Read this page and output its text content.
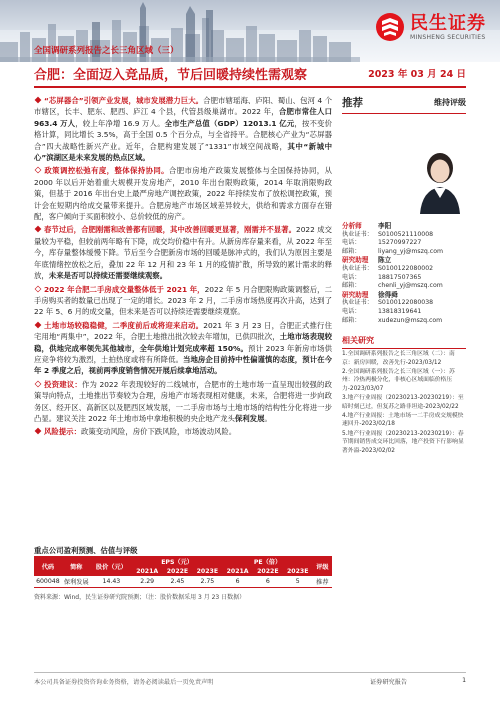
民生证券
MINSHENG SECURITIES
全国调研系列报告之长三角区域（三）
合肥：全面迈入竞品质，节后回暖持续性需观察	2023 年 03 月 24 日

“芯屏器合”引领产业发展，城市发展潜力巨大。合肥市辖瑶海、庐阳、蜀山、包河 4 个市辖区，长丰、肥东、肥西、庐江 4 个县，代管县级巢湖市。2022 年，合肥市常住人口 963.4 万人，较上年净增 16.9 万人。全市生产总值（GDP）12013.1 亿元，按不变价格计算，同比增长 3.5%，高于全国 0.5 个百分点，与全省持平。合肥核心产业为“芯屏器合”四大战略性新兴产业。近年，合肥构建发展了“1331”市域空间战略，其中“新城中心”滨湖区是未来发展的热点区域。

政策调控松弛有度，整体保持协同。合肥市房地产政策发展整体与全国保持协同，从 2000 年以后开始着重大规模开发房地产，2010 年出台限购政策，2014 年取消限购政策，但基于 2016 年出台史上最严房地产调控政策，2022 年持续发布了放松调控政策，预计会在短期内给成交量带来提升。合肥房地产市场区域差异较大，供给和需求方面存在错配，客户倾向于买面积较小、总价较低的房产。

春节过后，合肥刚需和改善都有回暖，其中改善回暖更显著，刚需并不显著。2022 成交量较为平稳，但较前两年略有下降，成交均价稳中有升。从新房库存量来看，从 2022 年至今，库存量整体缓慢下降。节后至今合肥新房市场的回暖是脉冲式的，我们认为原因主要是年底情绪控放松之后，叠加 22 年 12 月和 23 年 1 月的疫情扩散，所导致的累计需求的释放，未来是否可以持续还需要继续观察。

2022 年合肥二手房成交量整体低于 2021 年，2022 年 5 月合肥限购政策调整后，二手房购买者的数量已出现了一定的增长。2023 年 2 月，二手房市场热度再次升高，达到了 22 年 5、6 月的成交量，但未来是否可以持续还需要继续观察。

土地市场较稳稳健，二季度前后或将迎来启动。2021 年 3 月 23 日，合肥正式推行住宅用地“两集中”，2022 年，合肥土地推出批次较去年增加，已供四批次，土地市场表现较稳，供地完成率领先其他城市，全年供地计划完成率超 150%。预计 2023 年新房市场供应竞争将较为激烈，土拍热度或将有所降低。当地房企目前持中性偏谨慎的态度，预计在今年 2 季度之后，视前两季度销售情况开展后续拿地活动。

投资建议：作为 2022 年表现较好的二线城市，合肥市的土地市场一直呈现出较强的政策导向特点，土地推出节奏较为合理，房地产市场表现相对健康，未来，合肥将进一步向政务区、经开区、高新区以及肥西区域发展，一二手房市场与土地市场的结构性分化将进一步凸显。建议关注 2022 年土地市场中拿地积极的央企地产龙头保利发展。

风险提示：政策变动风险，房价下跌风险，市场波动风险。

推荐	维持评级
分析师	李阳
执业证书： S0100521110008
电话：	15270997227
邮箱：	liyang_yj@mszq.com
研究助理	陈立
执业证书： S0100122080002
电话：	18817507365
邮箱：	chenli_yj@mszq.com
研究助理	徐得舜
执业证书： S0100122080038
电话：	13818319641
邮箱：	xudezun@mszq.com
相关研究
1.全国调研系列报告之长三角区域（二）：南京：新房回暖，改善先行-2023/03/12
2.全国调研系列报告之长三角区域（一）：苏州：冷热两极分化，非核心区域面临价格压力-2023/03/07
3.地产行业周报（20230213-20230219）：至暗时刻已过，但复苏之路非坦途-2023/02/22
4.地产行业周报：土地市场一二手房成交规模快速回升-2023/02/18
5.地产行业周报（20230213-20230219）：春节期间销售成交环比回落，地产投资下行影响显著外溢-2023/02/02
重点公司盈利预测、估值与评级
代码	简称	股价（元）	EPS（元）			PE（倍）			评级
			2021A	2022E	2023E	2021A	2022E	2023E	
600048	保利发展	14.43	2.29	2.45	2.75	6	6	5	推荐
资料来源：Wind，民生证券研究院预测；（注：股价数据采用 3 月 23 日数据）
本公司具备证券投资咨询业务资格，请务必阅读最后一页免责声明	证券研究报告	1
